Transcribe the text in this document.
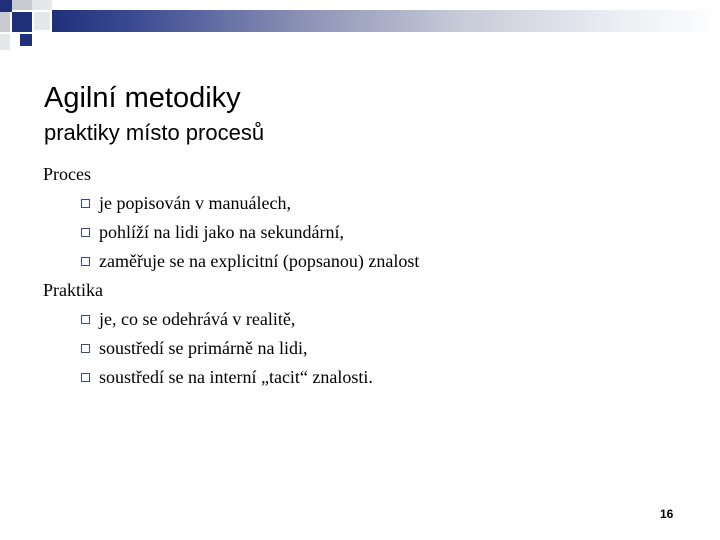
Agilní metodiky
praktiky místo procesů
Proces
je popisován v manuálech,
pohlíží na lidi jako na sekundární,
zaměřuje se na explicitní (popsanou) znalost
Praktika
je, co se odehrává v realitě,
soustředí se primárně na lidi,
soustředí se na interní „tacit“ znalosti.
16
